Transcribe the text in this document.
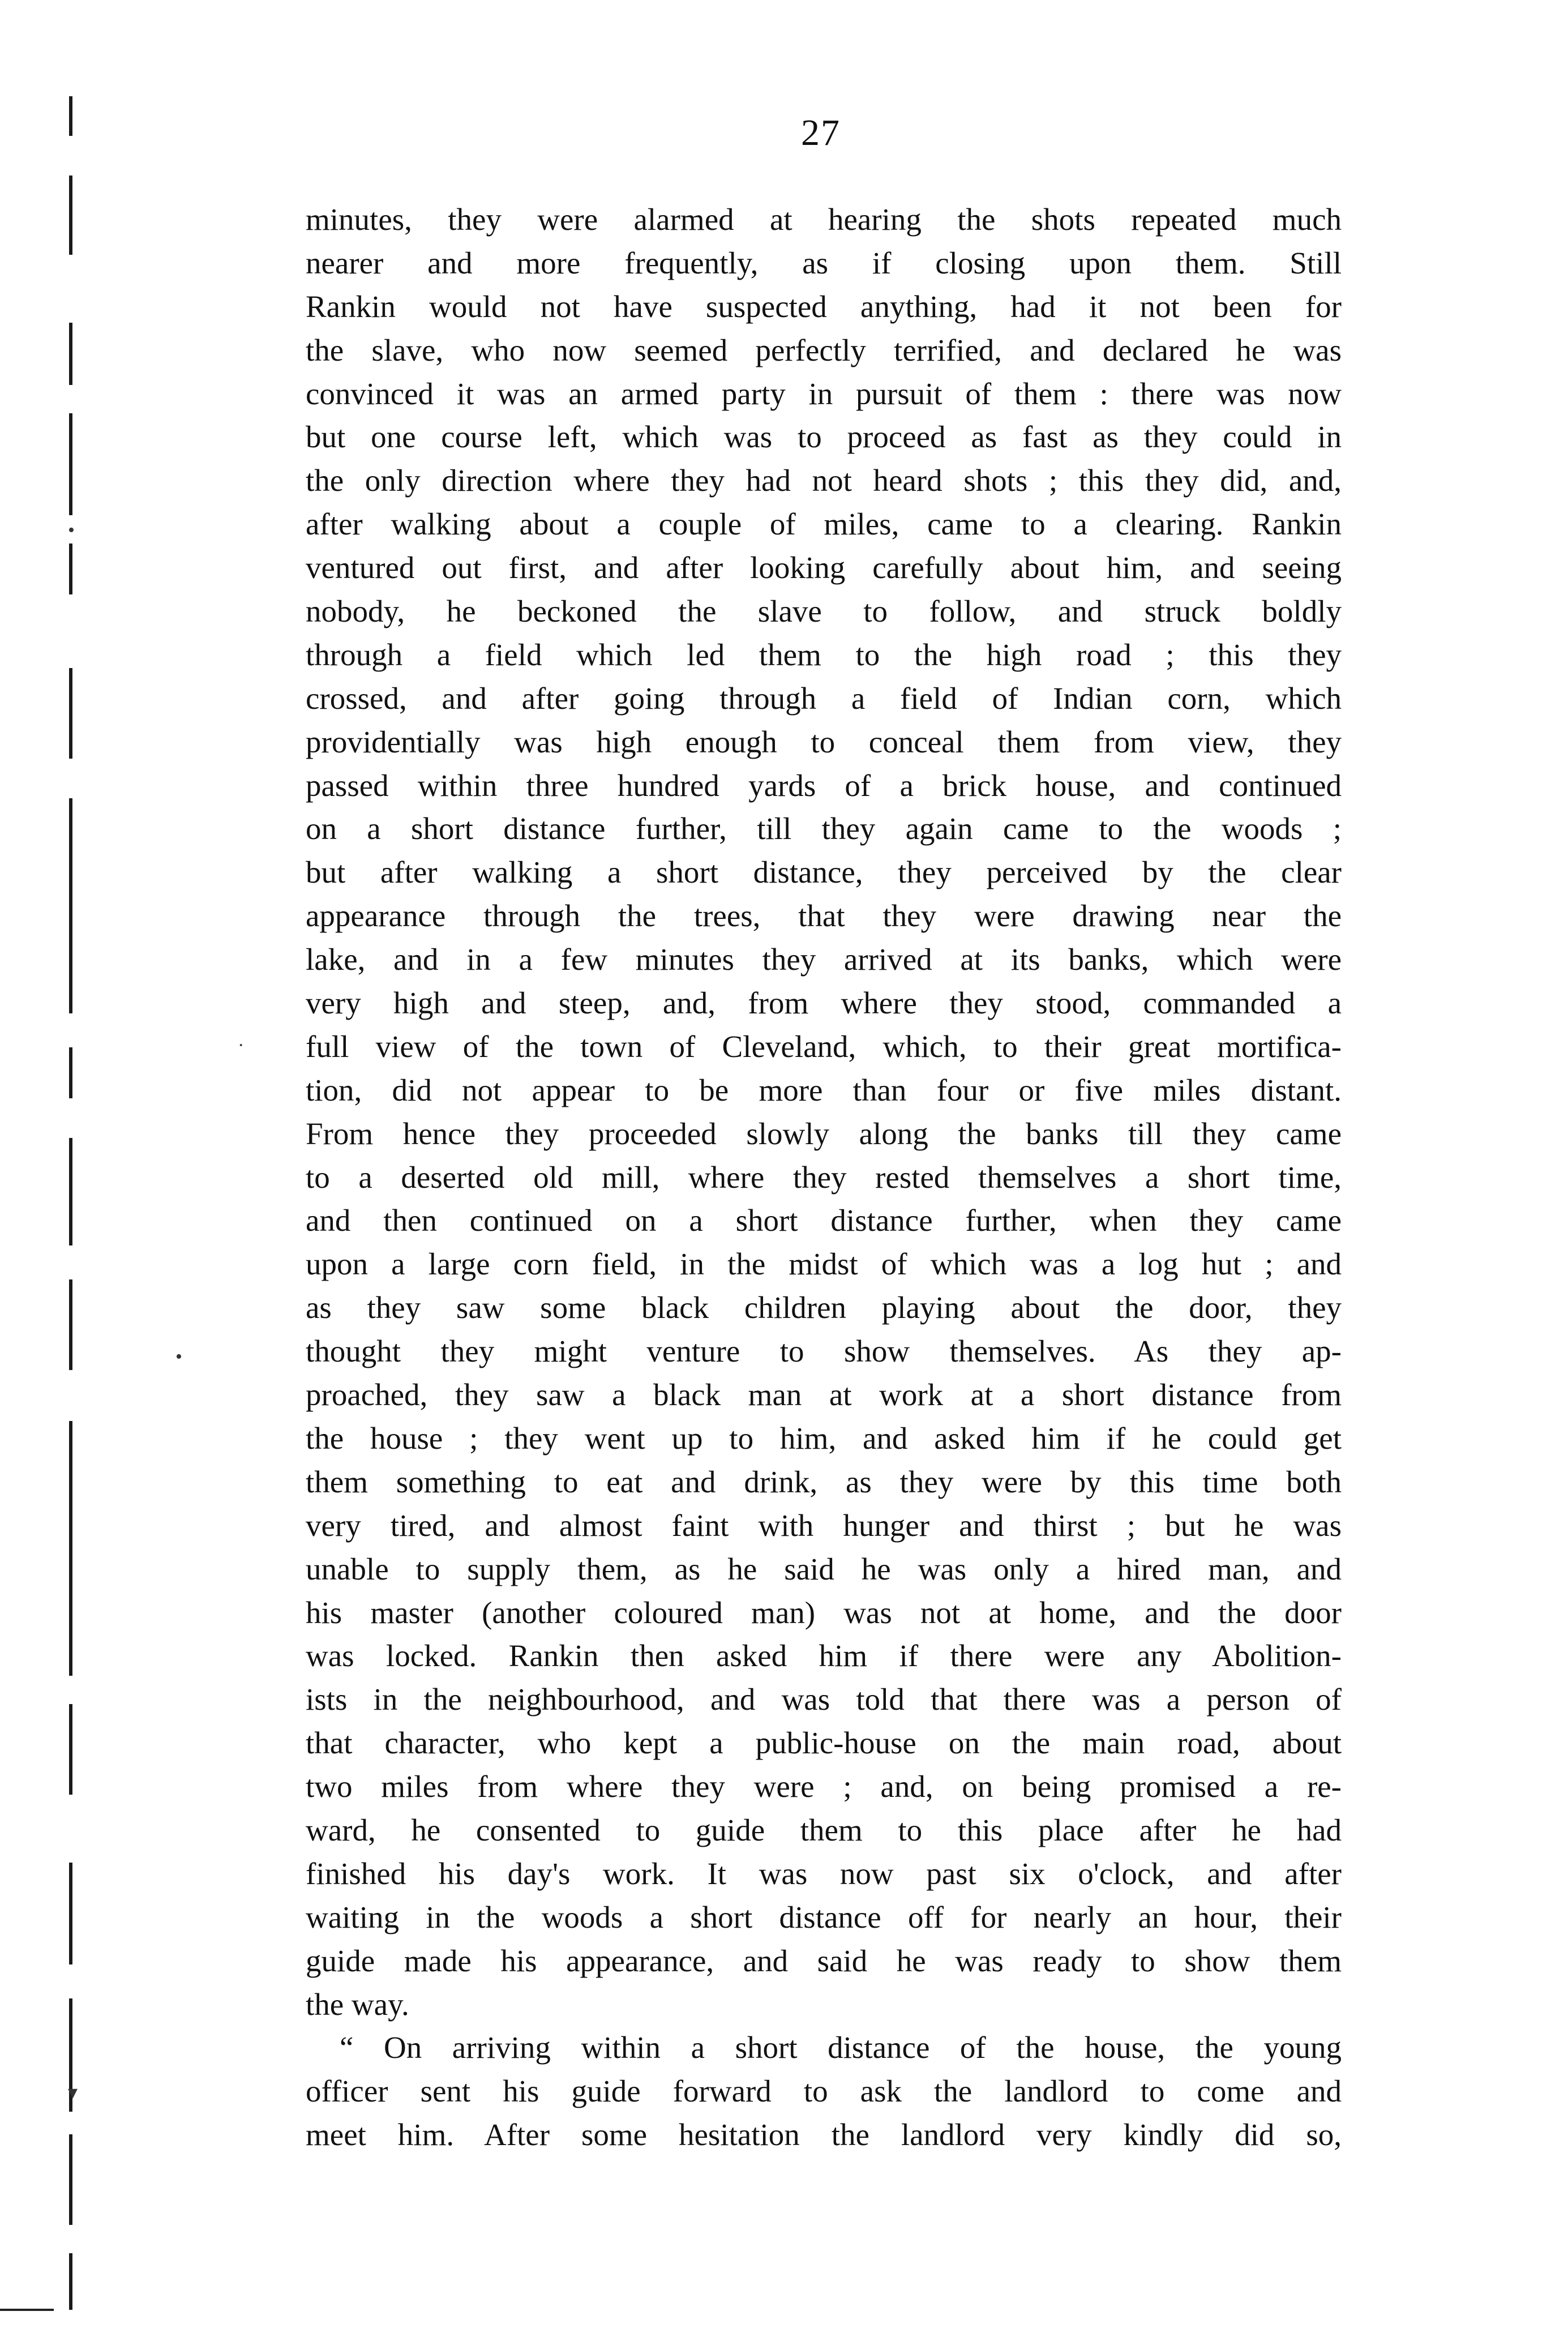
•
·
•
▾
27
minutes, they were alarmed at hearing the shots repeated much
nearer and more frequently, as if closing upon them. Still
Rankin would not have suspected anything, had it not been for
the slave, who now seemed perfectly terrified, and declared he was
convinced it was an armed party in pursuit of them : there was now
but one course left, which was to proceed as fast as they could in
the only direction where they had not heard shots ; this they did, and,
after walking about a couple of miles, came to a clearing. Rankin
ventured out first, and after looking carefully about him, and seeing
nobody, he beckoned the slave to follow, and struck boldly
through a field which led them to the high road ; this they
crossed, and after going through a field of Indian corn, which
providentially was high enough to conceal them from view, they
passed within three hundred yards of a brick house, and continued
on a short distance further, till they again came to the woods ;
but after walking a short distance, they perceived by the clear
appearance through the trees, that they were drawing near the
lake, and in a few minutes they arrived at its banks, which were
very high and steep, and, from where they stood, commanded a
full view of the town of Cleveland, which, to their great mortifica-
tion, did not appear to be more than four or five miles distant.
From hence they proceeded slowly along the banks till they came
to a deserted old mill, where they rested themselves a short time,
and then continued on a short distance further, when they came
upon a large corn field, in the midst of which was a log hut ; and
as they saw some black children playing about the door, they
thought they might venture to show themselves. As they ap-
proached, they saw a black man at work at a short distance from
the house ; they went up to him, and asked him if he could get
them something to eat and drink, as they were by this time both
very tired, and almost faint with hunger and thirst ; but he was
unable to supply them, as he said he was only a hired man, and
his master (another coloured man) was not at home, and the door
was locked. Rankin then asked him if there were any Abolition-
ists in the neighbourhood, and was told that there was a person of
that character, who kept a public-house on the main road, about
two miles from where they were ; and, on being promised a re-
ward, he consented to guide them to this place after he had
finished his day's work. It was now past six o'clock, and after
waiting in the woods a short distance off for nearly an hour, their
guide made his appearance, and said he was ready to show them
the way.
“ On arriving within a short distance of the house, the young
officer sent his guide forward to ask the landlord to come and
meet him. After some hesitation the landlord very kindly did so,
